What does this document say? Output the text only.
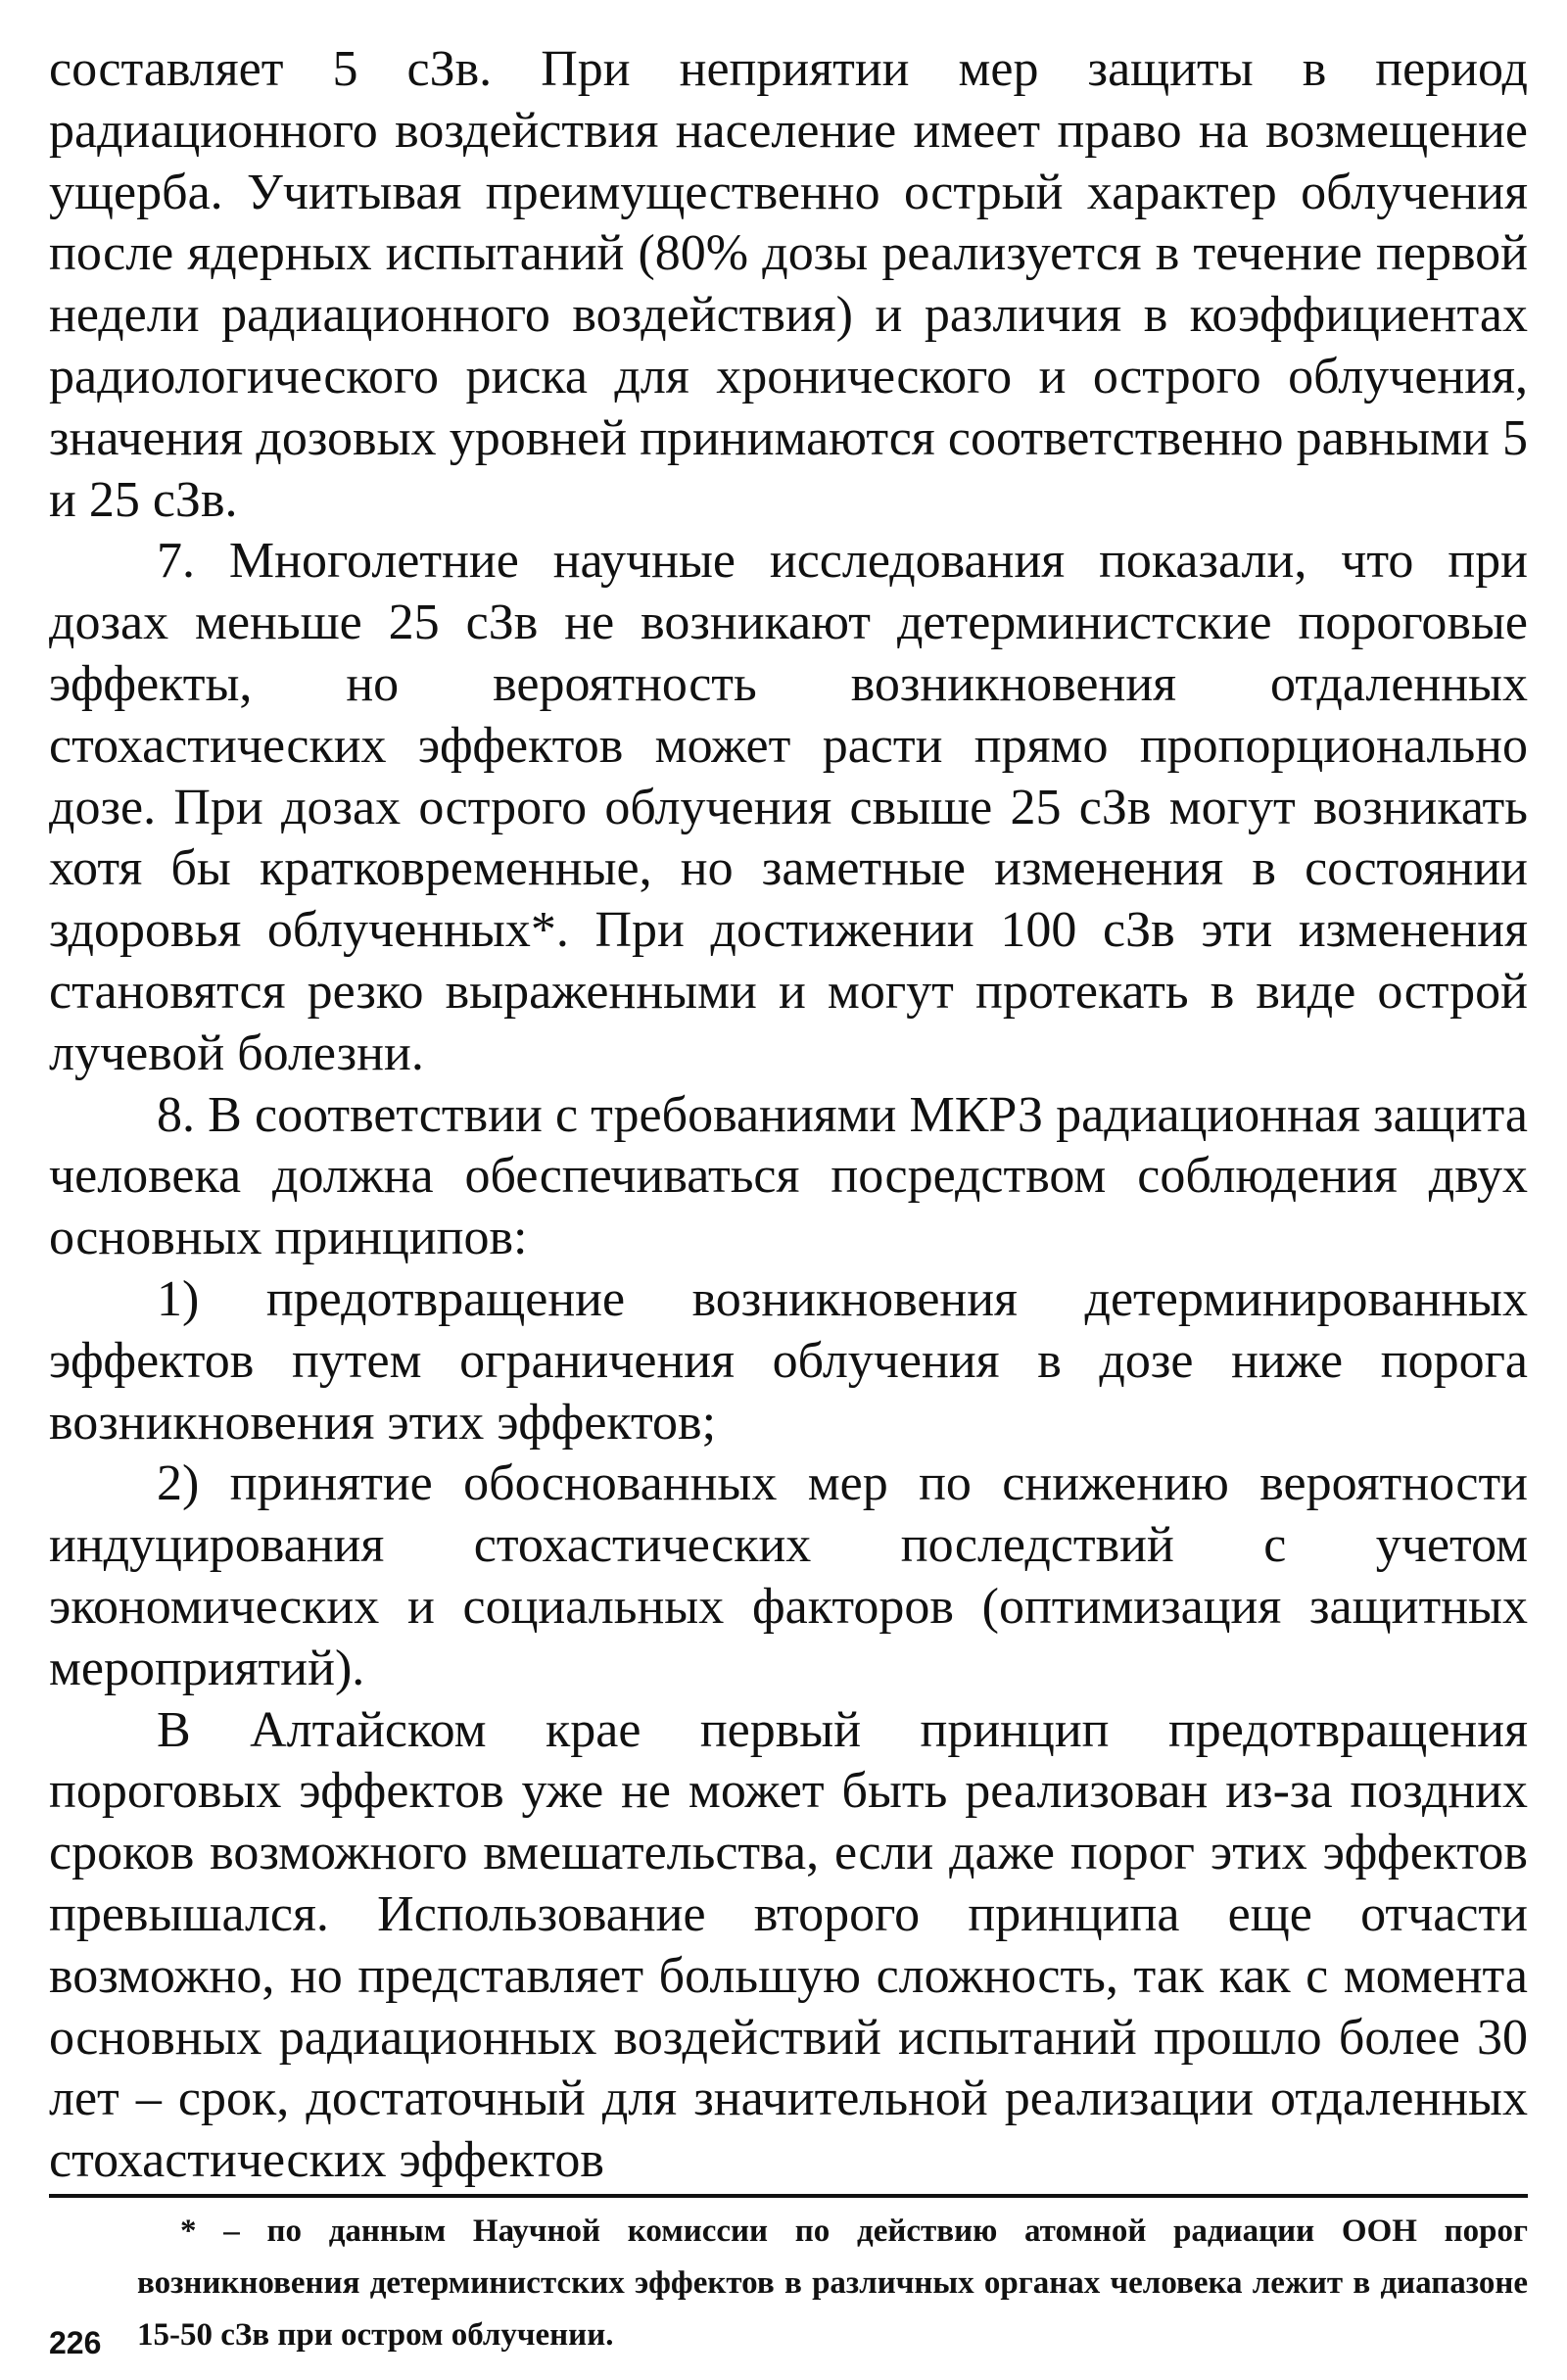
составляет 5 сЗв. При неприятии мер защиты в период радиационного воздействия население имеет право на возмещение ущерба. Учитывая преимущественно острый характер облучения после ядерных испытаний (80% дозы реализуется в течение первой недели радиационного воздействия) и различия в коэффициентах радиологического риска для хронического и острого облучения, значения дозовых уровней принимаются соответственно равными 5 и 25 сЗв.

7. Многолетние научные исследования показали, что при дозах меньше 25 сЗв не возникают детерминистские пороговые эффекты, но вероятность возникновения отдаленных стохастических эффектов может расти прямо пропорционально дозе. При дозах острого облучения свыше 25 сЗв могут возникать хотя бы кратковременные, но заметные изменения в состоянии здоровья облученных*. При достижении 100 сЗв эти изменения становятся резко выраженными и могут протекать в виде острой лучевой болезни.

8. В соответствии с требованиями МКРЗ радиационная защита человека должна обеспечиваться посредством соблюдения двух основных принципов:

1) предотвращение возникновения детерминированных эффектов путем ограничения облучения в дозе ниже порога возникновения этих эффектов;

2) принятие обоснованных мер по снижению вероятности индуцирования стохастических последствий с учетом экономических и социальных факторов (оптимизация защитных мероприятий).

В Алтайском крае первый принцип предотвращения пороговых эффектов уже не может быть реализован из-за поздних сроков возможного вмешательства, если даже порог этих эффектов превышался. Использование второго принципа еще отчасти возможно, но представляет большую сложность, так как с момента основных радиационных воздействий испытаний прошло более 30 лет – срок, достаточный для значительной реализации отдаленных стохастических эффектов

* – по данным Научной комиссии по действию атомной радиации ООН порог возникновения детерминистских эффектов в различных органах человека лежит в диапазоне 15-50 сЗв при остром облучении.

226
